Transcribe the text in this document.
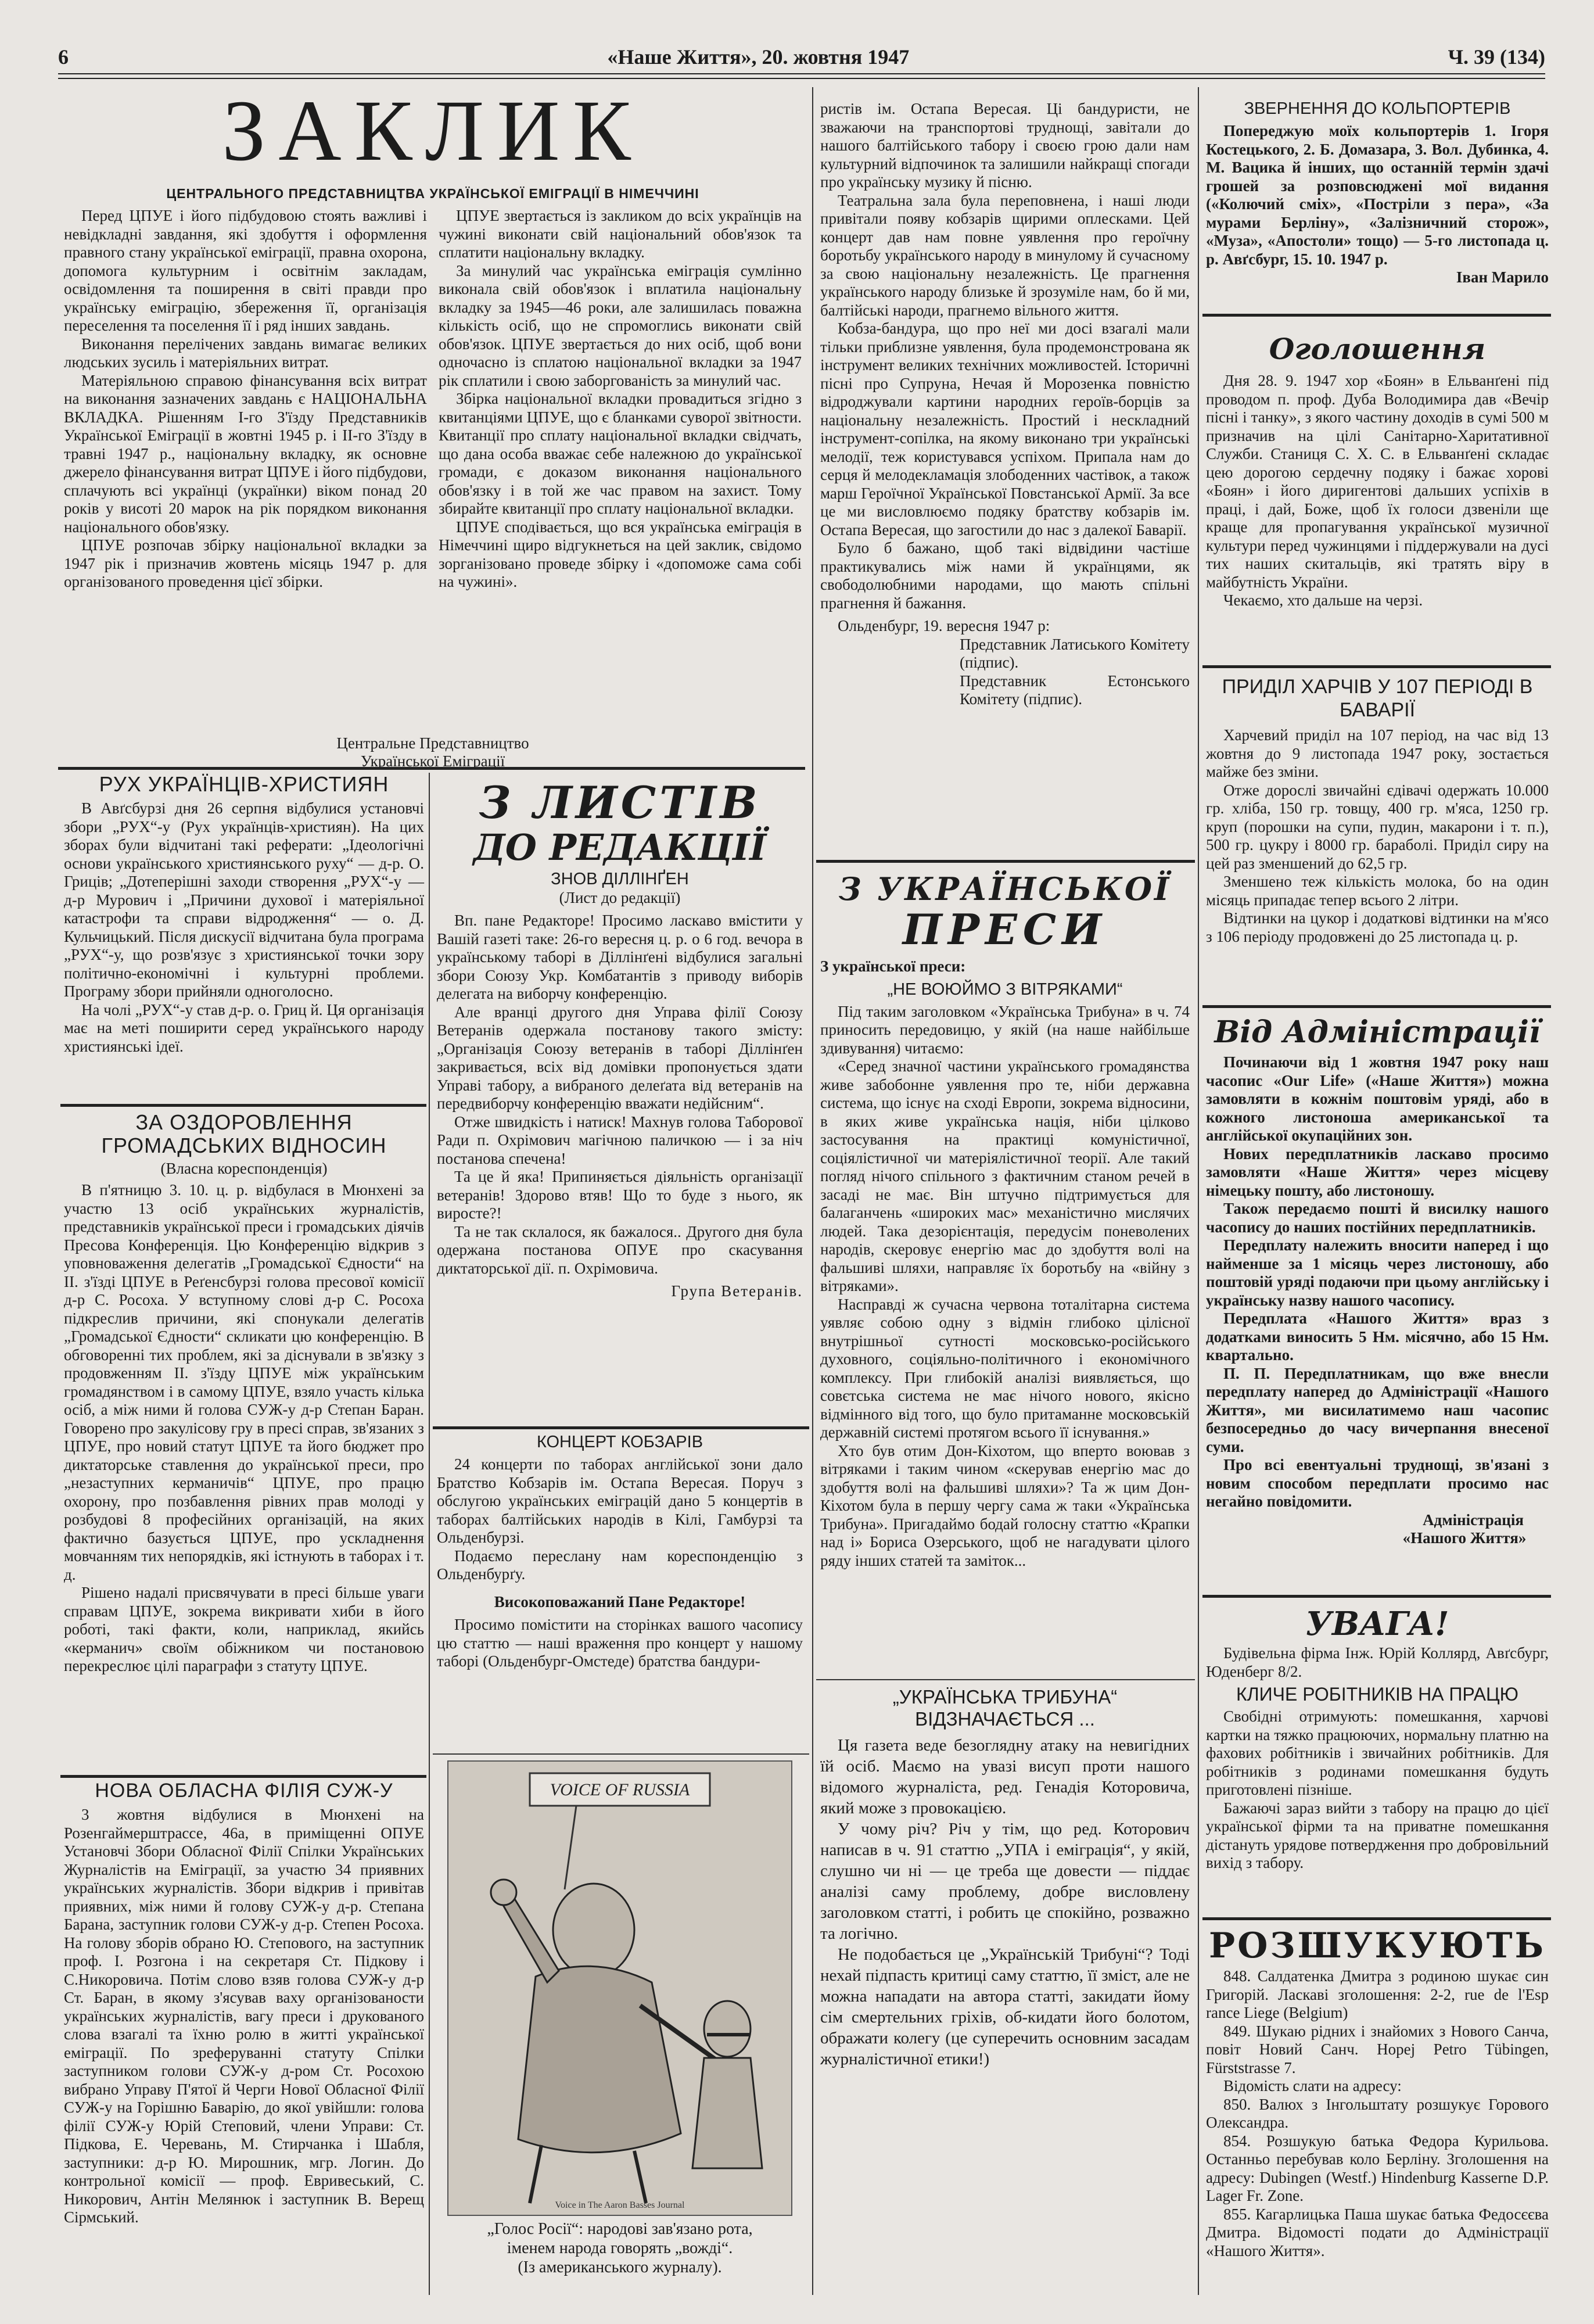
6	«Наше Життя», 20. жовтня 1947	Ч. 39 (134)
ЗАКЛИК
ЦЕНТРАЛЬНОГО ПРЕДСТАВНИЦТВА УКРАЇНСЬКОЇ ЕМІГРАЦІЇ В НІМЕЧЧИНІ

Перед ЦПУЕ і його підбудовою стоять важливі і невідкладні завдання, які здобуття і оформлення правного стану української еміграції, правна охорона, допомога культурним і освітнім закладам, освідомлення та поширення в світі правди про українську еміграцію, збереження її, організація переселення та поселення її і ряд інших завдань.

Виконання перелічених завдань вимагає великих людських зусиль і матеріяльних витрат.

Матеріяльною справою фінансування всіх витрат на виконання зазначених завдань є НАЦІОНАЛЬНА ВКЛАДКА. Рішенням I-го З'їзду Представників Української Еміграції в жовтні 1945 р. і II-го З'їзду в травні 1947 р., національну вкладку, як основне джерело фінансування витрат ЦПУЕ і його підбудови, сплачують всі українці (українки) віком понад 20 років у висоті 20 марок на рік порядком виконання національного обов'язку.

ЦПУЕ розпочав збірку національної вкладки за 1947 рік і призначив жовтень місяць 1947 р. для організованого проведення цієї збірки.

ЦПУЕ звертається із закликом до всіх українців на чужині виконати свій національний обов'язок та сплатити національну вкладку.

За минулий час українська еміграція сумлінно виконала свій обов'язок і вплатила національну вкладку за 1945—46 роки, але залишилась поважна кількість осіб, що не спромоглись виконати свій обов'язок. ЦПУЕ звертається до них осіб, щоб вони одночасно із сплатою національної вкладки за 1947 рік сплатили і свою заборгованість за минулий час.

Збірка національної вкладки провадиться згідно з квитанціями ЦПУЕ, що є бланками суворої звітности. Квитанції про сплату національної вкладки свідчать, що дана особа вважає себе належною до української громади, є доказом виконання національного обов'язку і в той же час правом на захист. Тому збирайте квитанції про сплату національної вкладки.

ЦПУЕ сподівається, що вся українська еміграція в Німеччині щиро відгукнеться на цей заклик, свідомо зорганізовано проведе збірку і «допоможе сама собі на чужині».

Центральне Представництво Української Еміграції

ристів ім. Остапа Вересая. Ці бандуристи, не зважаючи на транспортові труднощі, завітали до нашого балтійського табору і своєю грою дали нам культурний відпочинок та залишили найкращі спогади про українську музику й пісню.

Театральна зала була переповнена, і наші люди привітали появу кобзарів щирими оплесками. Цей концерт дав нам повне уявлення про героїчну боротьбу українського народу в минулому й сучасному за свою національну незалежність. Це прагнення українського народу близьке й зрозуміле нам, бо й ми, балтійські народи, прагнемо вільного життя.

Кобза-бандура, що про неї ми досі взагалі мали тільки приблизне уявлення, була продемонстрована як інструмент великих технічних можливостей. Історичні пісні про Супруна, Нечая й Морозенка повністю відроджували картини народних героїв-борців за національну незалежність. Простий і нескладний інструмент-сопілка, на якому виконано три українські мелодії, теж користувався успіхом. Припала нам до серця й мелодекламація злободенних частівок, а також марш Героїчної Української Повстанської Армії. За все це ми висловлюємо подяку братству кобзарів ім. Остапа Вересая, що загостили до нас з далекої Баварії.

Було б бажано, щоб такі відвідини частіше практикувались між нами й українцями, як свободолюбними народами, що мають спільні прагнення й бажання.

Ольденбург, 19. вересня 1947 р:

Представник Латиського Комітету (підпис).

Представник Естонського Комітету (підпис).

ЗВЕРНЕННЯ ДО КОЛЬПОРТЕРІВ

Попереджую моїх кольпортерів 1. Ігоря Костецького, 2. Б. Домазара, 3. Вол. Дубинка, 4. М. Вацика й інших, що останній термін здачі грошей за розповсюджені мої видання («Колючий сміх», «Постріли з пера», «За мурами Берліну», «Залізничний сторож», «Муза», «Апостоли» тощо) — 5-го листопада ц. р. Авґсбург, 15. 10. 1947 р.

Іван Марило

Оголошення

Дня 28. 9. 1947 хор «Боян» в Ельванґені під проводом п. проф. Дуба Володимира дав «Вечір пісні і танку», з якого частину доходів в сумі 500 м призначив на цілі Санітарно-Харитативної Служби. Станиця С. Х. С. в Ельванґені складає цею дорогою сердечну подяку і бажає хорові «Боян» і його диригентові дальших успіхів в праці, і дай, Боже, щоб їх голоси дзвеніли ще краще для пропагування української музичної культури перед чужинцями і піддержували на дусі тих наших скитальців, які тратять віру в майбутність України.

Чекаємо, хто дальше на черзі.

ПРИДІЛ ХАРЧІВ У 107 ПЕРІОДІ В БАВАРІЇ

Харчевий приділ на 107 період, на час від 13 жовтня до 9 листопада 1947 року, зостається майже без зміни.

Отже дорослі звичайні єдівачі одержать 10.000 гр. хліба, 150 гр. товщу, 400 гр. м'яса, 1250 гр. круп (порошки на супи, пудин, макарони і т. п.), 500 гр. цукру і 8000 гр. бараболі. Приділ сиру на цей раз зменшений до 62,5 гр.

Зменшено теж кількість молока, бо на один місяць припадає тепер всього 2 літри.

Відтинки на цукор і додаткові відтинки на м'ясо з 106 періоду продовжені до 25 листопада ц. р.

Від Адміністрації

Починаючи від 1 жовтня 1947 року наш часопис «Our Life» («Наше Життя») можна замовляти в кожнім поштовім уряді, або в кожного листоноша американської та англійської окупаційних зон.

Нових передплатників ласкаво просимо замовляти «Наше Життя» через місцеву німецьку пошту, або листоношу.

Також передаємо пошті й висилку нашого часопису до наших постійних передплатників.

Передплату належить вносити наперед і що найменше за 1 місяць через листоношу, або поштовій уряді подаючи при цьому англійську і українську назву нашого часопису.

Передплата «Нашого Життя» враз з додатками виносить 5 Нм. місячно, або 15 Нм. квартально.

П. П. Передплатникам, що вже внесли передплату наперед до Адміністрації «Нашого Життя», ми висилатимемо наш часопис безпосередньо до часу вичерпання внесеної суми.

Про всі евентуальні труднощі, зв'язані з новим способом передплати просимо нас негайно повідомити.

Адміністрація «Нашого Життя»

УВАГА!

Будівельна фірма Інж. Юрій Коллярд, Авґсбург, Юденберг 8/2.

КЛИЧЕ РОБІТНИКІВ НА ПРАЦЮ

Свобідні отримують: помешкання, харчові картки на тяжко працюючих, нормальну платню на фахових робітників і звичайних робітників. Для робітників з родинами помешкання будуть приготовлені пізніше.

Бажаючі зараз вийти з табору на працю до цієї української фірми та на приватне помешкання дістануть урядове потвердження про добровільний вихід з табору.

РОЗШУКУЮТЬ

848. Салдатенка Дмитра з родиною шукає син Григорій. Ласкаві зголошення: 2-2, rue de l'Esp rance Liege (Belgium)

849. Шукаю рідних і знайомих з Нового Санча, повіт Новий Санч. Hopej Petro Tübingen, Fürststrasse 7.

Відомість слати на адресу:

850. Валюх з Інгольштату розшукує Горового Олександра.

854. Розшукую батька Федора Курильова. Останньо перебував коло Берліну. Зголошення на адресу: Dubingen (Westf.) Hindenburg Kasserne D.P. Lager Fr. Zone.

855. Кагарлицька Паша шукає батька Федосєєва Дмитра. Відомості подати до Адміністрації «Нашого Життя».

РУХ УКРАЇНЦІВ-ХРИСТИЯН

В Авґсбурзі дня 26 серпня відбулися установчі збори „РУХ“-у (Рух українців-християн). На цих зборах були відчитані такі реферати: „Ідеологічні основи українського християнського руху“ — д-р. О. Гриців; „Дотеперішні заходи створення „РУХ“-у — д-р Мурович і „Причини духової і матеріяльної катастрофи та справи відродження“ — о. Д. Кульчицький. Після дискусії відчитана була програма „РУХ“-у, що розв'язує з християнської точки зору політично-економічні і культурні проблеми. Програму збори прийняли одноголосно.

На чолі „РУХ“-у став д-р. о. Гриц й. Ця організація має на меті поширити серед українського народу християнські ідеї.

ЗА ОЗДОРОВЛЕННЯ ГРОМАДСЬКИХ ВІДНОСИН
(Власна кореспонденція)

В п'ятницю 3. 10. ц. р. відбулася в Мюнхені за участю 13 осіб українських журналістів, представників української преси і громадських діячів Пресова Конференція. Цю Конференцію відкрив з уповноваження делегатів „Громадської Єдности“ на II. з'їзді ЦПУЕ в Реґенсбурзі голова пресової комісії д-р С. Росоха. У вступному слові д-р С. Росоха підкреслив причини, які спонукали делегатів „Громадської Єдности“ скликати цю конференцію. В обговоренні тих проблем, які за діснували в зв'язку з продовженням II. з'їзду ЦПУЕ між українським громадянством і в самому ЦПУЕ, взяло участь кілька осіб, а між ними й голова СУЖ-у д-р Степан Баран. Говорено про закулісову гру в пресі справ, зв'язаних з ЦПУЕ, про новий статут ЦПУЕ та його бюджет про диктаторське ставлення до української преси, про „незаступних керманичів“ ЦПУЕ, про працю охорону, про позбавлення рівних прав молоді у розбудові 8 професійних організацій, на яких фактично базується ЦПУЕ, про ускладнення мовчанням тих непорядків, які істнують в таборах і т. д.

Рішено надалі присвячувати в пресі більше уваги справам ЦПУЕ, зокрема викривати хиби в його роботі, такі факти, коли, наприклад, якийсь «керманич» своїм обіжником чи постановою перекреслює цілі параграфи з статуту ЦПУЕ.

НОВА ОБЛАСНА ФІЛІЯ СУЖ-У

3 жовтня відбулися в Мюнхені на Розенгаймерштрассе, 46а, в приміщенні ОПУЕ Установчі Збори Обласної Філії Спілки Українських Журналістів на Еміграції, за участю 34 приявних українських журналістів. Збори відкрив і привітав приявних, між ними й голову СУЖ-у д-р. Степана Барана, заступник голови СУЖ-у д-р. Степен Росоха. На голову зборів обрано Ю. Степового, на заступник проф. І. Розгона і на секретаря Ст. Підкову і С.Никоровича. Потім слово взяв голова СУЖ-у д-р Ст. Баран, в якому з'ясував ваху організованости українських журналістів, вагу преси і друкованого слова взагалі та їхню ролю в житті української еміграції. По зреферуванні статуту Спілки заступником голови СУЖ-у д-ром Ст. Росохою вибрано Управу П'ятої й Черги Нової Обласної Філії СУЖ-у на Горішню Баварію, до якої увійшли: голова філії СУЖ-у Юрій Степовий, члени Управи: Ст. Підкова, Е. Черевань, М. Стирчанка і Шабля, заступники: д-р Ю. Мирошник, мгр. Логин. До контрольної комісії — проф. Евривеський, С. Никорович, Антін Мелянюк і заступник В. Верещ Сірмський.

З ЛИСТІВ
ДО РЕДАКЦІЇ
ЗНОВ ДІЛЛІНҐЕН
(Лист до редакції)

Вп. пане Редакторе! Просимо ласкаво вмістити у Вашій газеті таке: 26-го вересня ц. р. о 6 год. вечора в українському таборі в Діллінґені відбулися загальні збори Союзу Укр. Комбатантів з приводу виборів делегата на виборчу конференцію.

Але вранці другого дня Управа філії Союзу Ветеранів одержала постанову такого змісту: „Організація Союзу ветеранів в таборі Діллінґен закривається, всіх від домівки пропонується здати Управі табору, а вибраного делеґата від ветеранів на передвиборчу конференцію вважати недійсним“.

Отже швидкість і натиск! Махнув голова Таборової Ради п. Охрімович магічною паличкою — і за ніч постанова спечена!

Та це й яка! Припиняється діяльність організації ветеранів! Здорово втяв! Що то буде з нього, як виросте?!

Та не так склалося, як бажалося.. Другого дня була одержана постанова ОПУЕ про скасування диктаторської дії. п. Охрімовича.

Група Ветеранів.

КОНЦЕРТ КОБЗАРІВ

24 концерти по таборах англійської зони дало Братство Кобзарів ім. Остапа Вересая. Поруч з обслугою українських еміграцій дано 5 концертів в таборах балтійських народів в Кілі, Гамбурзі та Ольденбурзі.

Подаємо пересланy нам кореспонденцію з Ольденбурґу.

Високоповажаний Пане Редакторе!

Просимо помістити на сторінках вашого часопису цю статтю — наші враження про концерт у нашому таборі (Ольденбург-Омстеде) братства бандури-

VOICE OF RUSSIA
Voice in The Aaron Basses Journal
„Голос Росії“: народові зав'язано рота,
іменем народа говорять „вожді“.
(Із американського журналу).
З УКРАЇНСЬКОЇ
ПРЕСИ

З української преси:

„НЕ ВОЮЙМО З ВІТРЯКАМИ“

Під таким заголовком «Українська Трибуна» в ч. 74 приносить передовицю, у якій (на наше найбільше здивування) читаємо:

«Серед значної частини українського громадянства живе забобонне уявлення про те, ніби державна система, що існує на сході Европи, зокрема відносини, в яких живе українська нація, ніби цілково застосування на практиці комуністичної, соціялістичної чи матеріялістичної теорії. Але такий погляд нічого спільного з фактичним станом речей в засаді не має. Він штучно підтримується для балаганчень «широких мас» механістично мислячих людей. Така дезорієнтація, передусім поневолених народів, скеровує енергію мас до здобуття волі на фальшиві шляхи, направляє їх боротьбу на «війну з вітряками».

Насправді ж сучасна червона тоталітарна система уявляє собою одну з відмін глибоко цілісної внутрішньої сутності московсько-російського духовного, соціяльно-політичного і економічного комплексу. При глибокій аналізі виявляється, що совєтська система не має нічого нового, якісно відмінного від того, що було притаманне московській державній системі протягом всього її існування.»

Хто був отим Дон-Кіхотом, що вперто воював з вітряками і таким чином «скерував енергію мас до здобуття волі на фальшиві шляхи»? Та ж цим Дон-Кіхотом була в першу чергу сама ж таки «Українська Трибуна». Пригадаймо бодай голосну статтю «Крапки над і» Бориса Озерського, щоб не нагадувати цілого ряду інших статей та заміток...

„УКРАЇНСЬКА ТРИБУНА“ ВІДЗНАЧАЄТЬСЯ ...

Ця газета веде безоглядну атаку на невигідних їй осіб. Маємо на увазі висуп проти нашого відомого журналіста, ред. Генадія Которовича, який може з провокацією.

У чому річ? Річ у тім, що ред. Которович написав в ч. 91 статтю „УПА і еміграція“, у якій, слушно чи ні — це треба ще довести — піддає аналізі саму проблему, добре висловлену заголовком статті, і робить це спокійно, розважно та логічно.

Не подобається це „Українській Трибуні“? Тоді нехай підпасть критиці саму статтю, її зміст, але не можна нападати на автора статті, закидати йому сім смертельних гріхів, об-кидати його болотом, ображати колегу (це суперечить основним засадам журналістичної етики!)
